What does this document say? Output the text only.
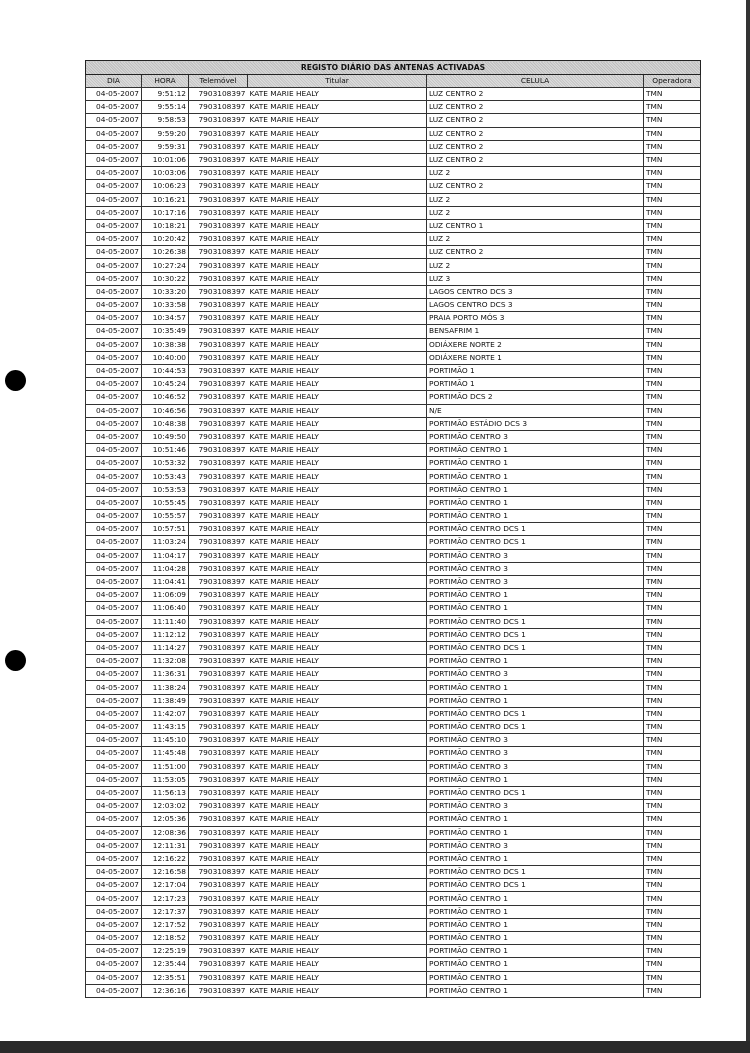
REGISTO DIÁRIO DAS ANTENAS ACTIVADAS					
DIA	HORA	Telemóvel	Titular	CELULA	Operadora
04-05-2007	9:51:12	7903108397	KATE MARIE HEALY	LUZ CENTRO 2	TMN
04-05-2007	9:55:14	7903108397	KATE MARIE HEALY	LUZ CENTRO 2	TMN
04-05-2007	9:58:53	7903108397	KATE MARIE HEALY	LUZ CENTRO 2	TMN
04-05-2007	9:59:20	7903108397	KATE MARIE HEALY	LUZ CENTRO 2	TMN
04-05-2007	9:59:31	7903108397	KATE MARIE HEALY	LUZ CENTRO 2	TMN
04-05-2007	10:01:06	7903108397	KATE MARIE HEALY	LUZ CENTRO 2	TMN
04-05-2007	10:03:06	7903108397	KATE MARIE HEALY	LUZ 2	TMN
04-05-2007	10:06:23	7903108397	KATE MARIE HEALY	LUZ CENTRO 2	TMN
04-05-2007	10:16:21	7903108397	KATE MARIE HEALY	LUZ 2	TMN
04-05-2007	10:17:16	7903108397	KATE MARIE HEALY	LUZ 2	TMN
04-05-2007	10:18:21	7903108397	KATE MARIE HEALY	LUZ CENTRO 1	TMN
04-05-2007	10:20:42	7903108397	KATE MARIE HEALY	LUZ 2	TMN
04-05-2007	10:26:38	7903108397	KATE MARIE HEALY	LUZ CENTRO 2	TMN
04-05-2007	10:27:24	7903108397	KATE MARIE HEALY	LUZ 2	TMN
04-05-2007	10:30:22	7903108397	KATE MARIE HEALY	LUZ 3	TMN
04-05-2007	10:33:20	7903108397	KATE MARIE HEALY	LAGOS CENTRO DCS 3	TMN
04-05-2007	10:33:58	7903108397	KATE MARIE HEALY	LAGOS CENTRO DCS 3	TMN
04-05-2007	10:34:57	7903108397	KATE MARIE HEALY	PRAIA PORTO MÓS 3	TMN
04-05-2007	10:35:49	7903108397	KATE MARIE HEALY	BENSAFRIM 1	TMN
04-05-2007	10:38:38	7903108397	KATE MARIE HEALY	ODIÁXERE NORTE 2	TMN
04-05-2007	10:40:00	7903108397	KATE MARIE HEALY	ODIÁXERE NORTE 1	TMN
04-05-2007	10:44:53	7903108397	KATE MARIE HEALY	PORTIMÃO 1	TMN
04-05-2007	10:45:24	7903108397	KATE MARIE HEALY	PORTIMÃO 1	TMN
04-05-2007	10:46:52	7903108397	KATE MARIE HEALY	PORTIMÃO DCS 2	TMN
04-05-2007	10:46:56	7903108397	KATE MARIE HEALY	N/E	TMN
04-05-2007	10:48:38	7903108397	KATE MARIE HEALY	PORTIMÃO ESTÁDIO DCS 3	TMN
04-05-2007	10:49:50	7903108397	KATE MARIE HEALY	PORTIMÃO CENTRO 3	TMN
04-05-2007	10:51:46	7903108397	KATE MARIE HEALY	PORTIMÃO CENTRO 1	TMN
04-05-2007	10:53:32	7903108397	KATE MARIE HEALY	PORTIMÃO CENTRO 1	TMN
04-05-2007	10:53:43	7903108397	KATE MARIE HEALY	PORTIMÃO CENTRO 1	TMN
04-05-2007	10:53:53	7903108397	KATE MARIE HEALY	PORTIMÃO CENTRO 1	TMN
04-05-2007	10:55:45	7903108397	KATE MARIE HEALY	PORTIMÃO CENTRO 1	TMN
04-05-2007	10:55:57	7903108397	KATE MARIE HEALY	PORTIMÃO CENTRO 1	TMN
04-05-2007	10:57:51	7903108397	KATE MARIE HEALY	PORTIMÃO CENTRO DCS 1	TMN
04-05-2007	11:03:24	7903108397	KATE MARIE HEALY	PORTIMÃO CENTRO DCS 1	TMN
04-05-2007	11:04:17	7903108397	KATE MARIE HEALY	PORTIMÃO CENTRO 3	TMN
04-05-2007	11:04:28	7903108397	KATE MARIE HEALY	PORTIMÃO CENTRO 3	TMN
04-05-2007	11:04:41	7903108397	KATE MARIE HEALY	PORTIMÃO CENTRO 3	TMN
04-05-2007	11:06:09	7903108397	KATE MARIE HEALY	PORTIMÃO CENTRO 1	TMN
04-05-2007	11:06:40	7903108397	KATE MARIE HEALY	PORTIMÃO CENTRO 1	TMN
04-05-2007	11:11:40	7903108397	KATE MARIE HEALY	PORTIMÃO CENTRO DCS 1	TMN
04-05-2007	11:12:12	7903108397	KATE MARIE HEALY	PORTIMÃO CENTRO DCS 1	TMN
04-05-2007	11:14:27	7903108397	KATE MARIE HEALY	PORTIMÃO CENTRO DCS 1	TMN
04-05-2007	11:32:08	7903108397	KATE MARIE HEALY	PORTIMÃO CENTRO 1	TMN
04-05-2007	11:36:31	7903108397	KATE MARIE HEALY	PORTIMÃO CENTRO 3	TMN
04-05-2007	11:38:24	7903108397	KATE MARIE HEALY	PORTIMÃO CENTRO 1	TMN
04-05-2007	11:38:49	7903108397	KATE MARIE HEALY	PORTIMÃO CENTRO 1	TMN
04-05-2007	11:42:07	7903108397	KATE MARIE HEALY	PORTIMÃO CENTRO DCS 1	TMN
04-05-2007	11:43:15	7903108397	KATE MARIE HEALY	PORTIMÃO CENTRO DCS 1	TMN
04-05-2007	11:45:10	7903108397	KATE MARIE HEALY	PORTIMÃO CENTRO 3	TMN
04-05-2007	11:45:48	7903108397	KATE MARIE HEALY	PORTIMÃO CENTRO 3	TMN
04-05-2007	11:51:00	7903108397	KATE MARIE HEALY	PORTIMÃO CENTRO 3	TMN
04-05-2007	11:53:05	7903108397	KATE MARIE HEALY	PORTIMÃO CENTRO 1	TMN
04-05-2007	11:56:13	7903108397	KATE MARIE HEALY	PORTIMÃO CENTRO DCS 1	TMN
04-05-2007	12:03:02	7903108397	KATE MARIE HEALY	PORTIMÃO CENTRO 3	TMN
04-05-2007	12:05:36	7903108397	KATE MARIE HEALY	PORTIMÃO CENTRO 1	TMN
04-05-2007	12:08:36	7903108397	KATE MARIE HEALY	PORTIMÃO CENTRO 1	TMN
04-05-2007	12:11:31	7903108397	KATE MARIE HEALY	PORTIMÃO CENTRO 3	TMN
04-05-2007	12:16:22	7903108397	KATE MARIE HEALY	PORTIMÃO CENTRO 1	TMN
04-05-2007	12:16:58	7903108397	KATE MARIE HEALY	PORTIMÃO CENTRO DCS 1	TMN
04-05-2007	12:17:04	7903108397	KATE MARIE HEALY	PORTIMÃO CENTRO DCS 1	TMN
04-05-2007	12:17:23	7903108397	KATE MARIE HEALY	PORTIMÃO CENTRO 1	TMN
04-05-2007	12:17:37	7903108397	KATE MARIE HEALY	PORTIMÃO CENTRO 1	TMN
04-05-2007	12:17:52	7903108397	KATE MARIE HEALY	PORTIMÃO CENTRO 1	TMN
04-05-2007	12:18:52	7903108397	KATE MARIE HEALY	PORTIMÃO CENTRO 1	TMN
04-05-2007	12:25:19	7903108397	KATE MARIE HEALY	PORTIMÃO CENTRO 1	TMN
04-05-2007	12:35:44	7903108397	KATE MARIE HEALY	PORTIMÃO CENTRO 1	TMN
04-05-2007	12:35:51	7903108397	KATE MARIE HEALY	PORTIMÃO CENTRO 1	TMN
04-05-2007	12:36:16	7903108397	KATE MARIE HEALY	PORTIMÃO CENTRO 1	TMN
